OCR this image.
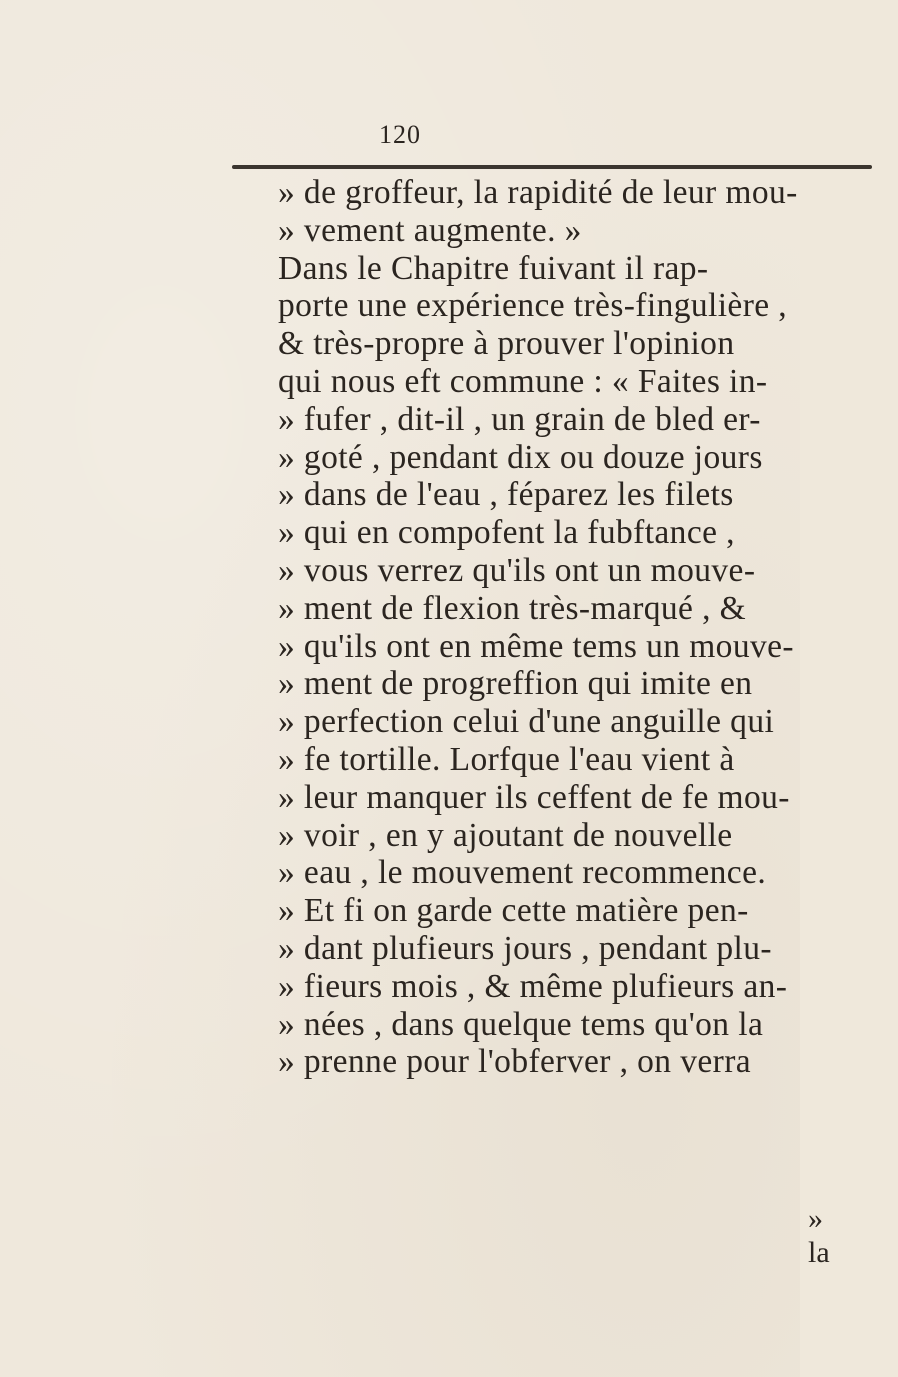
120
» de groffeur, la rapidité de leur mou-
» vement augmente. »
Dans le Chapitre fuivant il rap-
porte une expérience très-fingulière ,
& très-propre à prouver l'opinion
qui nous eft commune : « Faites in-
» fufer , dit-il , un grain de bled er-
» goté , pendant dix ou douze jours
» dans de l'eau , féparez les filets
» qui en compofent la fubftance ,
» vous verrez qu'ils ont un mouve-
» ment de flexion très-marqué , &
» qu'ils ont en même tems un mouve-
» ment de progreffion qui imite en
» perfection celui d'une anguille qui
» fe tortille. Lorfque l'eau vient à
» leur manquer ils ceffent de fe mou-
» voir , en y ajoutant de nouvelle
» eau , le mouvement recommence.
» Et fi on garde cette matière pen-
» dant plufieurs jours , pendant plu-
» fieurs mois , & même plufieurs an-
» nées , dans quelque tems qu'on la
» prenne pour l'obferver , on verra
» la
